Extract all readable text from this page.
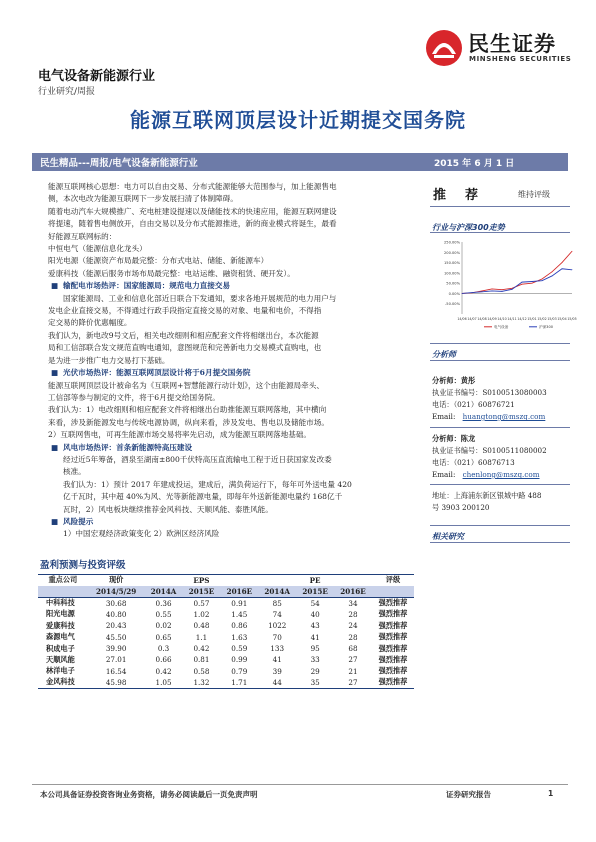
民生证券
MINSHENG SECURITIES
电气设备新能源行业
行业研究/周报
能源互联网顶层设计近期提交国务院
民生精品---周报/电气设备新能源行业	2015 年 6 月 1 日

能源互联网核心思想：电力可以自由交易、分布式能源能够大范围参与，加上能源售电

侧，本次电改为能源互联网下一步发展扫清了体制障碍。

随着电动汽车大规模推广、充电桩建设提速以及储能技术的快速应用，能源互联网建设

将提速，随着售电侧放开，自由交易以及分布式能源推进，新的商业模式将诞生，最看

好能源互联网标的：

中恒电气（能源信息化龙头）

阳光电源（能源资产布局最完整：分布式电站、储能、新能源车）

爱康科技（能源后服务市场布局最完整：电站运维、融资租赁、硬开发）。

■ 输配电市场热评：国家能源局：规范电力直接交易

国家能源局、工业和信息化部近日联合下发通知，要求各地开展规范的电力用户与

发电企业直接交易，不得通过行政手段指定直接交易的对象、电量和电价，不得指

定交易的降价优惠幅度。

我们认为，新电改9号文后，相关电改细则和相应配套文件将相继出台，本次能源

局和工信部联合发文规范直购电通知，意图规范和完善新电力交易模式直购电，也

是为进一步推广电力交易打下基础。

■ 光伏市场热评：能源互联网顶层设计将于6月提交国务院

能源互联网顶层设计被命名为《互联网+智慧能源行动计划》，这个由能源局牵头、

工信部等参与制定的文件，将于6月提交给国务院。

我们认为：1）电改细则和相应配套文件将相继出台助推能源互联网落地，其中横向

来看，涉及新能源发电与传统电源协调，纵向来看，涉及发电、售电以及储能市场。

2）互联网售电，可再生能源市场交易将率先启动，成为能源互联网落地基础。

■ 风电市场热评：首条新能源特高压建设

经过近5年筹备，酒泉至湖南±800千伏特高压直流输电工程于近日获国家发改委

核准。

我们认为：1）预计 2017 年建成投运，建成后，满负荷运行下，每年可外送电量 420

亿千瓦时，其中超 40%为风、光等新能源电量，即每年外送新能源电量约 168亿千

瓦时，2）风电板块继续推荐金风科技、天顺风能、泰胜风能。

■ 风险提示

1）中国宏观经济政策变化 2）欧洲区经济风险

推　荐	维持评级
行业与沪深300走势
250.00%
200.00%
150.00%
100.00%
50.00%
0.00%
-50.00%
14/06 14/07 14/08 14/09 14/10 14/11 14/12 15/01 15/02 15/03 15/04 15/05
电气设备	沪深300
分析师
分析师：黄彤
执业证书编号：S0100513080003
电话：（021）60876721
Email:　 huangtong@mszq.com
分析师：陈龙
执业证书编号：S0100511080002
电话：（021）60876713
Email:　 chenlong@mszq.com
地址：上海浦东新区银城中路 488
号 3903 200120
相关研究
盈利预测与投资评级
重点公司	现价	EPS			PE			评级
	2014/5/29	2014A	2015E	2016E	2014A	2015E	2016E	
中科科技	30.68	0.36	0.57	0.91	85	54	34	强烈推荐
阳光电源	40.80	0.55	1.02	1.45	74	40	28	强烈推荐
爱康科技	20.43	0.02	0.48	0.86	1022	43	24	强烈推荐
森源电气	45.50	0.65	1.1	1.63	70	41	28	强烈推荐
积成电子	39.90	0.3	0.42	0.59	133	95	68	强烈推荐
天顺风能	27.01	0.66	0.81	0.99	41	33	27	强烈推荐
林洋电子	16.54	0.42	0.58	0.79	39	29	21	强烈推荐
金风科技	45.98	1.05	1.32	1.71	44	35	27	强烈推荐
本公司具备证券投资咨询业务资格，请务必阅读最后一页免责声明	证券研究报告	1
